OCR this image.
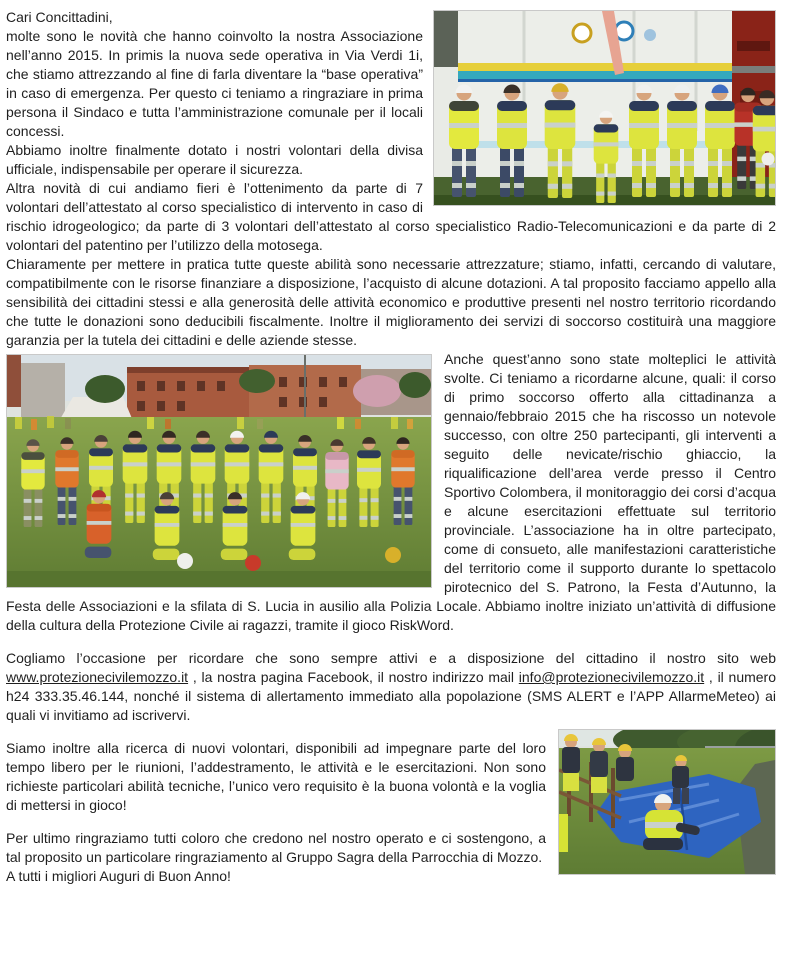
Cari Concittadini,

molte sono le novità che hanno coinvolto la nostra Associazione nell’anno 2015. In primis la nuova sede operativa in Via Verdi 1i, che stiamo attrezzando al fine di farla diventare la “base operativa” in caso di emergenza. Per questo ci teniamo a ringraziare in prima persona il Sindaco e tutta l’amministrazione comunale per il locali concessi.

Abbiamo inoltre finalmente dotato i nostri volontari della divisa ufficiale, indispensabile per operare il sicurezza.

Altra novità di cui andiamo fieri è l’ottenimento da parte di 7 volontari dell’attestato al corso specialistico di intervento in caso di rischio idrogeologico; da parte di 3 volontari dell’attestato al corso specialistico Radio-Telecomunicazioni e da parte di 2 volontari del patentino per l’utilizzo della motosega.

Chiaramente per mettere in pratica tutte queste abilità sono necessarie attrezzature; stiamo, infatti, cercando di valutare, compatibilmente con le risorse finanziare a disposizione, l’acquisto di alcune dotazioni. A tal proposito facciamo appello alla sensibilità dei cittadini stessi e alla generosità delle attività economico e produttive presenti nel nostro territorio ricordando che tutte le donazioni sono deducibili fiscalmente. Inoltre il miglioramento dei servizi di soccorso costituirà una maggiore garanzia per la tutela dei cittadini e delle aziende stesse.

Anche quest’anno sono state molteplici le attività svolte. Ci teniamo a ricordarne alcune, quali: il corso di primo soccorso offerto alla cittadinanza a gennaio/febbraio 2015 che ha riscosso un notevole successo, con oltre 250 partecipanti, gli interventi a seguito delle nevicate/rischio ghiaccio, la riqualificazione dell’area verde presso il Centro Sportivo Colombera, il monitoraggio dei corsi d’acqua e alcune esercitazioni effettuate sul territorio provinciale. L’associazione ha in oltre partecipato, come di consueto, alle manifestazioni caratteristiche del territorio come il supporto durante lo spettacolo pirotecnico del S. Patrono, la Festa d’Autunno, la Festa delle Associazioni e la sfilata di S. Lucia in ausilio alla Polizia Locale. Abbiamo inoltre iniziato un’attività di diffusione della cultura della Protezione Civile ai ragazzi, tramite il gioco RiskWord.

Cogliamo l’occasione per ricordare che sono sempre attivi e a disposizione del cittadino il nostro sito web www.protezionecivilemozzo.it , la nostra pagina Facebook, il nostro indirizzo mail info@protezionecivilemozzo.it , il numero h24 333.35.46.144, nonché il sistema di allertamento immediato alla popolazione (SMS ALERT e l’APP AllarmeMeteo) ai quali vi invitiamo ad iscrivervi.

Siamo inoltre alla ricerca di nuovi volontari, disponibili ad impegnare parte del loro tempo libero per le riunioni, l’addestramento, le attività e le esercitazioni. Non sono richieste particolari abilità tecniche, l’unico vero requisito è la buona volontà e la voglia di mettersi in gioco!

Per ultimo ringraziamo tutti coloro che credono nel nostro operato e ci sostengono, a tal proposito un particolare ringraziamento al Gruppo Sagra della Parrocchia di Mozzo.

A tutti i migliori Auguri di Buon Anno!
